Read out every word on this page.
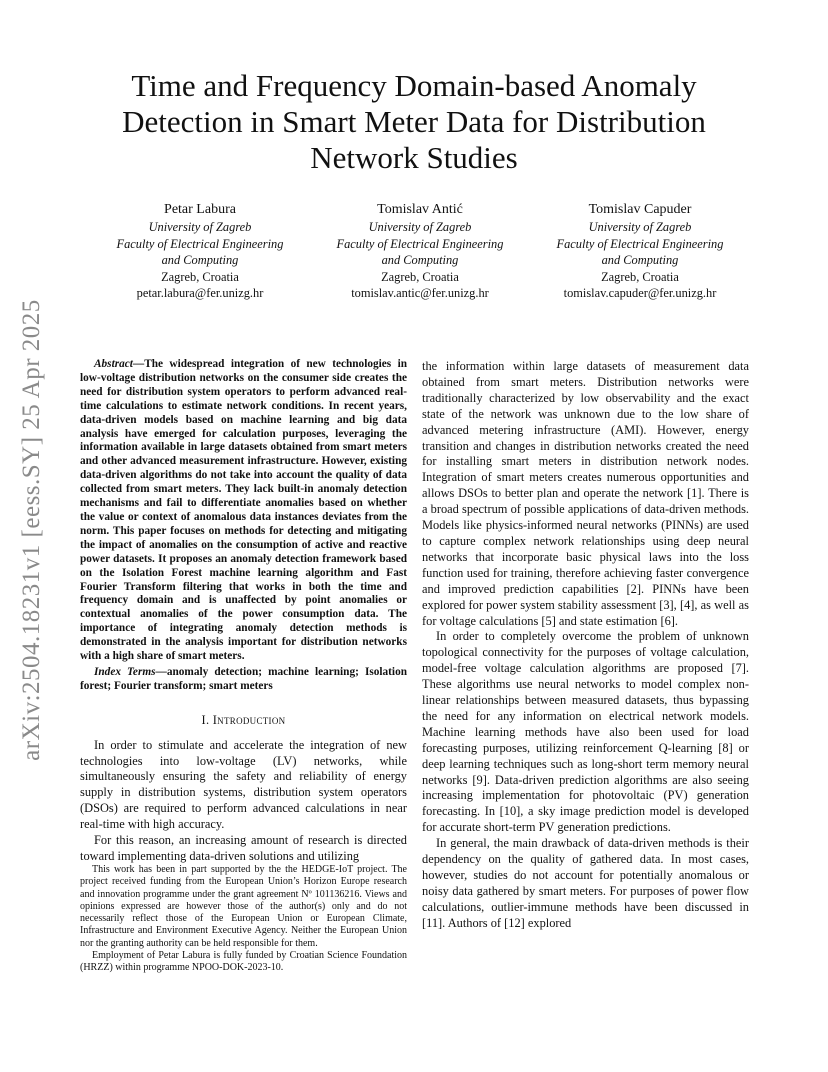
arXiv:2504.18231v1 [eess.SY] 25 Apr 2025
Time and Frequency Domain-based Anomaly Detection in Smart Meter Data for Distribution Network Studies
Petar Labura
University of Zagreb
Faculty of Electrical Engineering
and Computing
Zagreb, Croatia
petar.labura@fer.unizg.hr
Tomislav Antić
University of Zagreb
Faculty of Electrical Engineering
and Computing
Zagreb, Croatia
tomislav.antic@fer.unizg.hr
Tomislav Capuder
University of Zagreb
Faculty of Electrical Engineering
and Computing
Zagreb, Croatia
tomislav.capuder@fer.unizg.hr

Abstract—The widespread integration of new technologies in low-voltage distribution networks on the consumer side creates the need for distribution system operators to perform advanced real-time calculations to estimate network conditions. In recent years, data-driven models based on machine learning and big data analysis have emerged for calculation purposes, leveraging the information available in large datasets obtained from smart meters and other advanced measurement infrastructure. However, existing data-driven algorithms do not take into account the quality of data collected from smart meters. They lack built-in anomaly detection mechanisms and fail to differentiate anomalies based on whether the value or context of anomalous data instances deviates from the norm. This paper focuses on methods for detecting and mitigating the impact of anomalies on the consumption of active and reactive power datasets. It proposes an anomaly detection framework based on the Isolation Forest machine learning algorithm and Fast Fourier Transform filtering that works in both the time and frequency domain and is unaffected by point anomalies or contextual anomalies of the power consumption data. The importance of integrating anomaly detection methods is demonstrated in the analysis important for distribution networks with a high share of smart meters.

Index Terms—anomaly detection; machine learning; Isolation forest; Fourier transform; smart meters

I. Introduction

In order to stimulate and accelerate the integration of new technologies into low-voltage (LV) networks, while simultaneously ensuring the safety and reliability of energy supply in distribution systems, distribution system operators (DSOs) are required to perform advanced calculations in near real-time with high accuracy.

For this reason, an increasing amount of research is directed toward implementing data-driven solutions and utilizing

This work has been in part supported by the the HEDGE-IoT project. The project received funding from the European Union’s Horizon Europe research and innovation programme under the grant agreement Nº 101136216. Views and opinions expressed are however those of the author(s) only and do not necessarily reflect those of the European Union or European Climate, Infrastructure and Environment Executive Agency. Neither the European Union nor the granting authority can be held responsible for them.

Employment of Petar Labura is fully funded by Croatian Science Foundation (HRZZ) within programme NPOO-DOK-2023-10.

the information within large datasets of measurement data obtained from smart meters. Distribution networks were traditionally characterized by low observability and the exact state of the network was unknown due to the low share of advanced metering infrastructure (AMI). However, energy transition and changes in distribution networks created the need for installing smart meters in distribution network nodes. Integration of smart meters creates numerous opportunities and allows DSOs to better plan and operate the network [1]. There is a broad spectrum of possible applications of data-driven methods. Models like physics-informed neural networks (PINNs) are used to capture complex network relationships using deep neural networks that incorporate basic physical laws into the loss function used for training, therefore achieving faster convergence and improved prediction capabilities [2]. PINNs have been explored for power system stability assessment [3], [4], as well as for voltage calculations [5] and state estimation [6].

In order to completely overcome the problem of unknown topological connectivity for the purposes of voltage calculation, model-free voltage calculation algorithms are proposed [7]. These algorithms use neural networks to model complex non-linear relationships between measured datasets, thus bypassing the need for any information on electrical network models. Machine learning methods have also been used for load forecasting purposes, utilizing reinforcement Q-learning [8] or deep learning techniques such as long-short term memory neural networks [9]. Data-driven prediction algorithms are also seeing increasing implementation for photovoltaic (PV) generation forecasting. In [10], a sky image prediction model is developed for accurate short-term PV generation predictions.

In general, the main drawback of data-driven methods is their dependency on the quality of gathered data. In most cases, however, studies do not account for potentially anomalous or noisy data gathered by smart meters. For purposes of power flow calculations, outlier-immune methods have been discussed in [11]. Authors of [12] explored
